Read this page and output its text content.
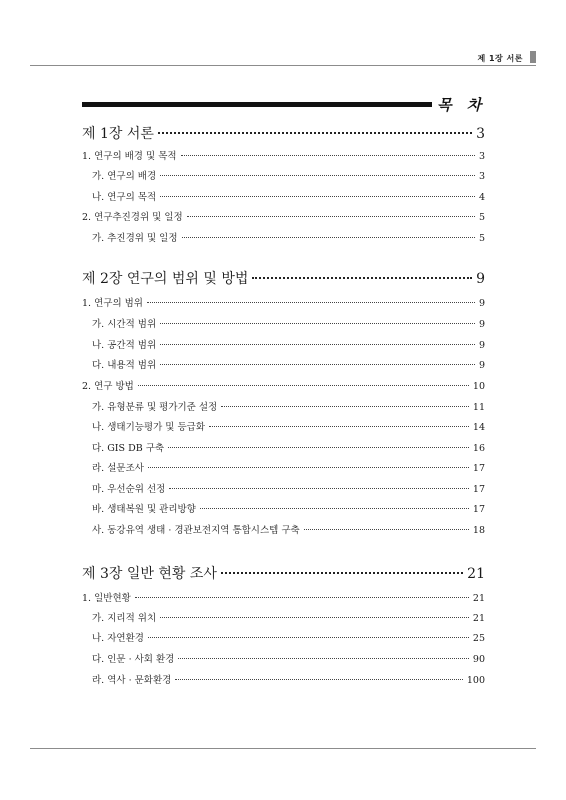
제 1장 서론
목 차
제 1장 서론	3
1. 연구의 배경 및 목적	3
가. 연구의 배경	3
나. 연구의 목적	4
2. 연구추진경위 및 일정	5
가. 추진경위 및 일정	5
제 2장 연구의 범위 및 방법	9
1. 연구의 범위	9
가. 시간적 범위	9
나. 공간적 범위	9
다. 내용적 범위	9
2. 연구 방법	10
가. 유형분류 및 평가기준 설정	11
나. 생태기능평가 및 등급화	14
다. GIS DB 구축	16
라. 설문조사	17
마. 우선순위 선정	17
바. 생태복원 및 관리방향	17
사. 동강유역 생태 · 경관보전지역 통합시스템 구축	18
제 3장 일반 현황 조사	21
1. 일반현황	21
가. 지리적 위치	21
나. 자연환경	25
다. 인문 · 사회 환경	90
라. 역사 · 문화환경	100
